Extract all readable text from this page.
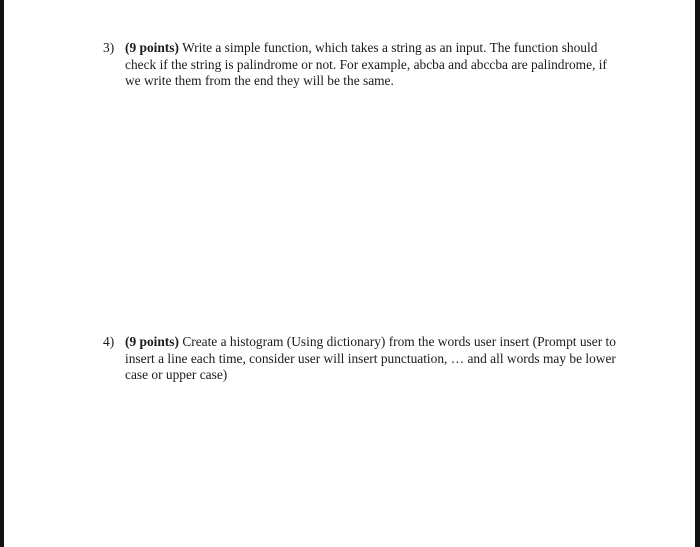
3) (9 points) Write a simple function, which takes a string as an input. The function should check if the string is palindrome or not. For example, abcba and abccba are palindrome, if we write them from the end they will be the same.
4) (9 points) Create a histogram (Using dictionary) from the words user insert (Prompt user to insert a line each time, consider user will insert punctuation, … and all words may be lower case or upper case)
